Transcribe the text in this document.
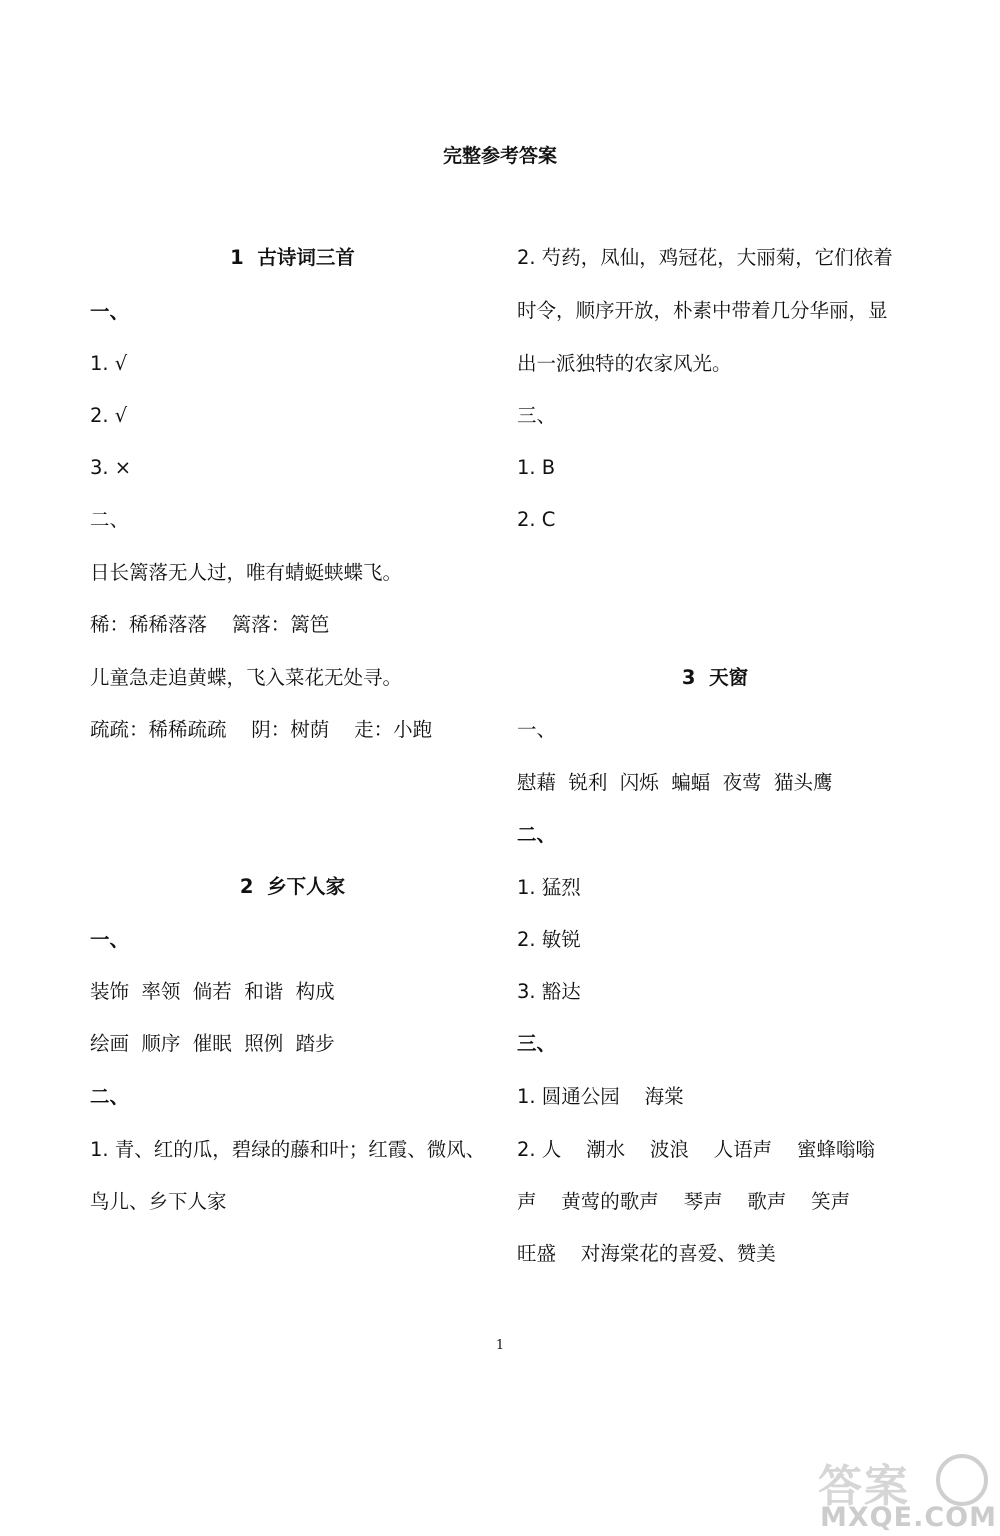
完整参考答案
1  古诗词三首
一、
1. √
2. √
3. ×
二、
日长篱落无人过，唯有蜻蜓蛱蝶飞。
稀：稀稀落落    篱落：篱笆
儿童急走追黄蝶，飞入菜花无处寻。
疏疏：稀稀疏疏    阴：树荫    走：小跑
2  乡下人家
一、
装饰  率领  倘若  和谐  构成
绘画  顺序  催眠  照例  踏步
二、
1. 青、红的瓜，碧绿的藤和叶；红霞、微风、
鸟儿、乡下人家
2. 芍药，凤仙，鸡冠花，大丽菊，它们依着
时令，顺序开放，朴素中带着几分华丽，显
出一派独特的农家风光。
三、
1. B
2. C
3  天窗
一、
慰藉  锐利  闪烁  蝙蝠  夜莺  猫头鹰
二、
1. 猛烈
2. 敏锐
3. 豁达
三、
1. 圆通公园    海棠
2. 人    潮水    波浪    人语声    蜜蜂嗡嗡
声    黄莺的歌声    琴声    歌声    笑声
旺盛    对海棠花的喜爱、赞美
1
答案
MXQE.COM
